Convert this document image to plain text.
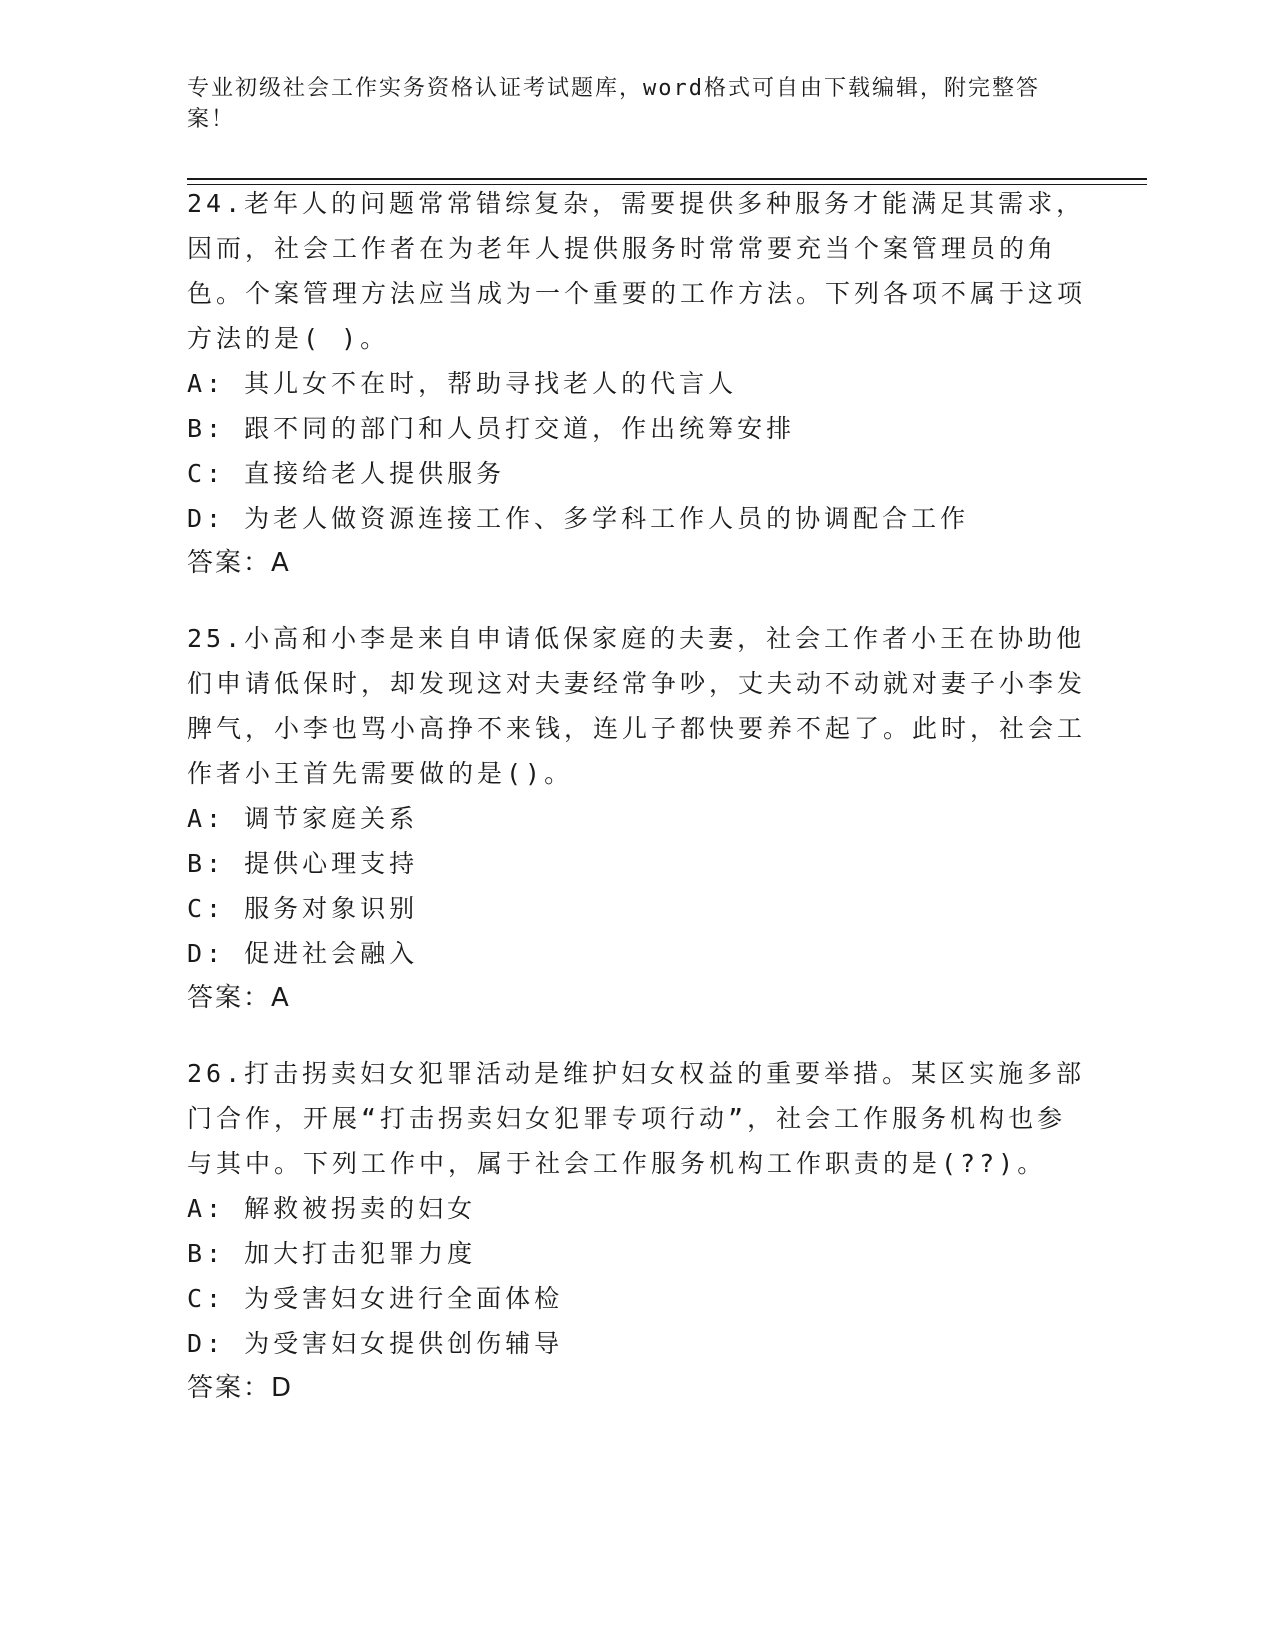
专业初级社会工作实务资格认证考试题库，word格式可自由下载编辑，附完整答案！

24.老年人的问题常常错综复杂，需要提供多种服务才能满足其需求，因而，社会工作者在为老年人提供服务时常常要充当个案管理员的角色。个案管理方法应当成为一个重要的工作方法。下列各项不属于这项方法的是( )。

A: 其儿女不在时，帮助寻找老人的代言人

B: 跟不同的部门和人员打交道，作出统筹安排

C: 直接给老人提供服务

D: 为老人做资源连接工作、多学科工作人员的协调配合工作

答案：A

25.小高和小李是来自申请低保家庭的夫妻，社会工作者小王在协助他们申请低保时，却发现这对夫妻经常争吵，丈夫动不动就对妻子小李发脾气，小李也骂小高挣不来钱，连儿子都快要养不起了。此时，社会工作者小王首先需要做的是()。

A: 调节家庭关系

B: 提供心理支持

C: 服务对象识别

D: 促进社会融入

答案：A

26.打击拐卖妇女犯罪活动是维护妇女权益的重要举措。某区实施多部门合作，开展“打击拐卖妇女犯罪专项行动”，社会工作服务机构也参与其中。下列工作中，属于社会工作服务机构工作职责的是(??)。

A: 解救被拐卖的妇女

B: 加大打击犯罪力度

C: 为受害妇女进行全面体检

D: 为受害妇女提供创伤辅导

答案：D
